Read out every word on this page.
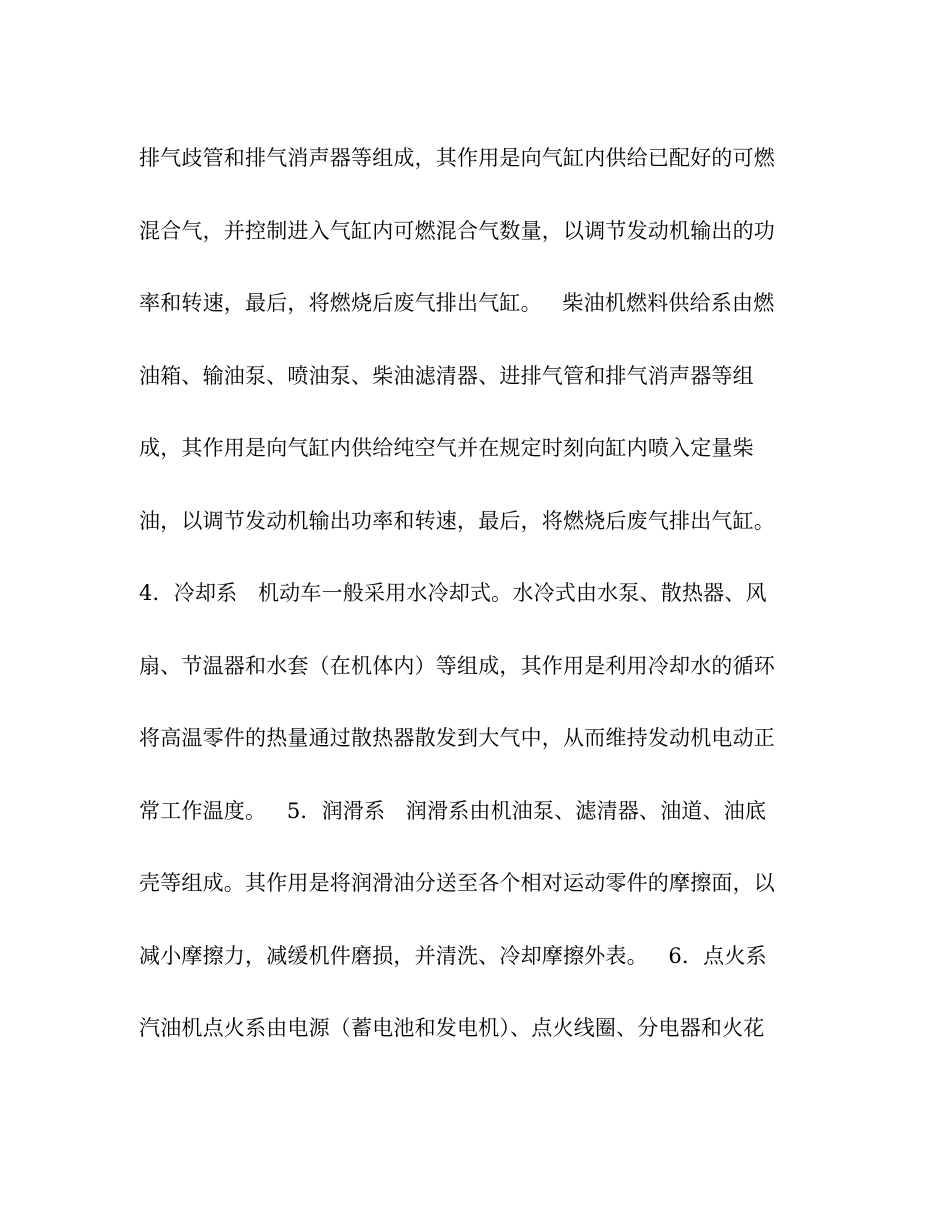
排气歧管和排气消声器等组成，其作用是向气缸内供给已配好的可燃
混合气，并控制进入气缸内可燃混合气数量，以调节发动机输出的功
率和转速，最后，将燃烧后废气排出气缸。   柴油机燃料供给系由燃
油箱、输油泵、喷油泵、柴油滤清器、进排气管和排气消声器等组
成，其作用是向气缸内供给纯空气并在规定时刻向缸内喷入定量柴
油，以调节发动机输出功率和转速，最后，将燃烧后废气排出气缸。
4．冷却系   机动车一般采用水冷却式。水冷式由水泵、散热器、风
扇、节温器和水套（在机体内）等组成，其作用是利用冷却水的循环
将高温零件的热量通过散热器散发到大气中，从而维持发动机电动正
常工作温度。   5．润滑系   润滑系由机油泵、滤清器、油道、油底
壳等组成。其作用是将润滑油分送至各个相对运动零件的摩擦面，以
减小摩擦力，减缓机件磨损，并清洗、冷却摩擦外表。   6．点火系
汽油机点火系由电源（蓄电池和发电机）、点火线圈、分电器和火花
